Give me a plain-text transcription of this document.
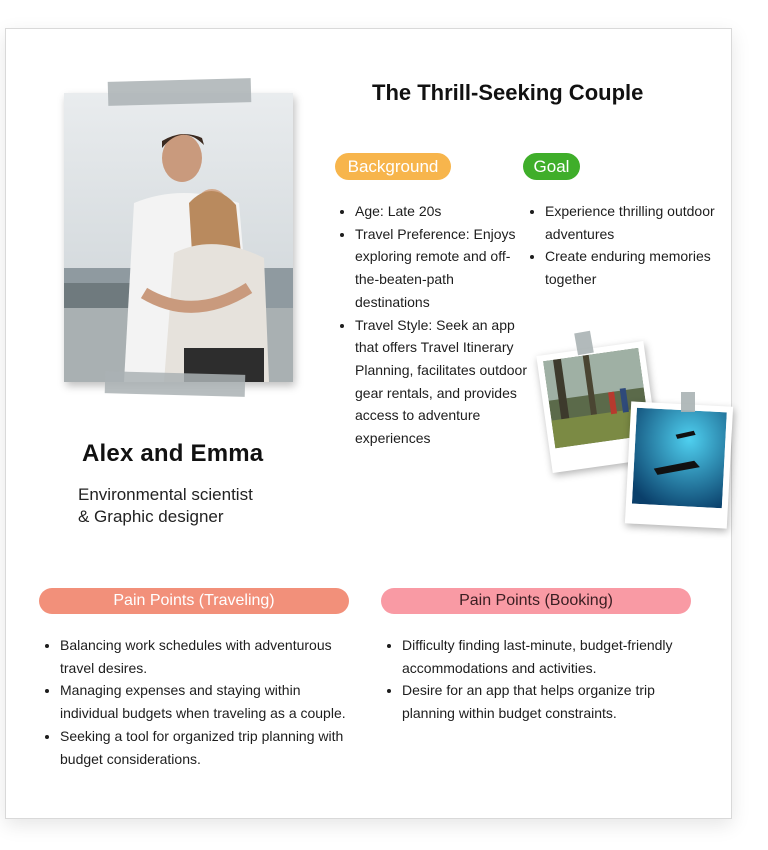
Alex and Emma
Environmental scientist
& Graphic designer
The Thrill-Seeking Couple
Background
• Age: Late 20s
• Travel Preference: Enjoys exploring remote and off-the-beaten-path destinations
• Travel Style: Seek an app that offers Travel Itinerary Planning, facilitates outdoor gear rentals, and provides access to adventure experiences
Goal
• Experience thrilling outdoor adventures
• Create enduring memories together
Pain Points (Traveling)
• Balancing work schedules with adventurous travel desires.
• Managing expenses and staying within individual budgets when traveling as a couple.
• Seeking a tool for organized trip planning with budget considerations.
Pain Points (Booking)
• Difficulty finding last-minute, budget-friendly accommodations and activities.
• Desire for an app that helps organize trip planning within budget constraints.
